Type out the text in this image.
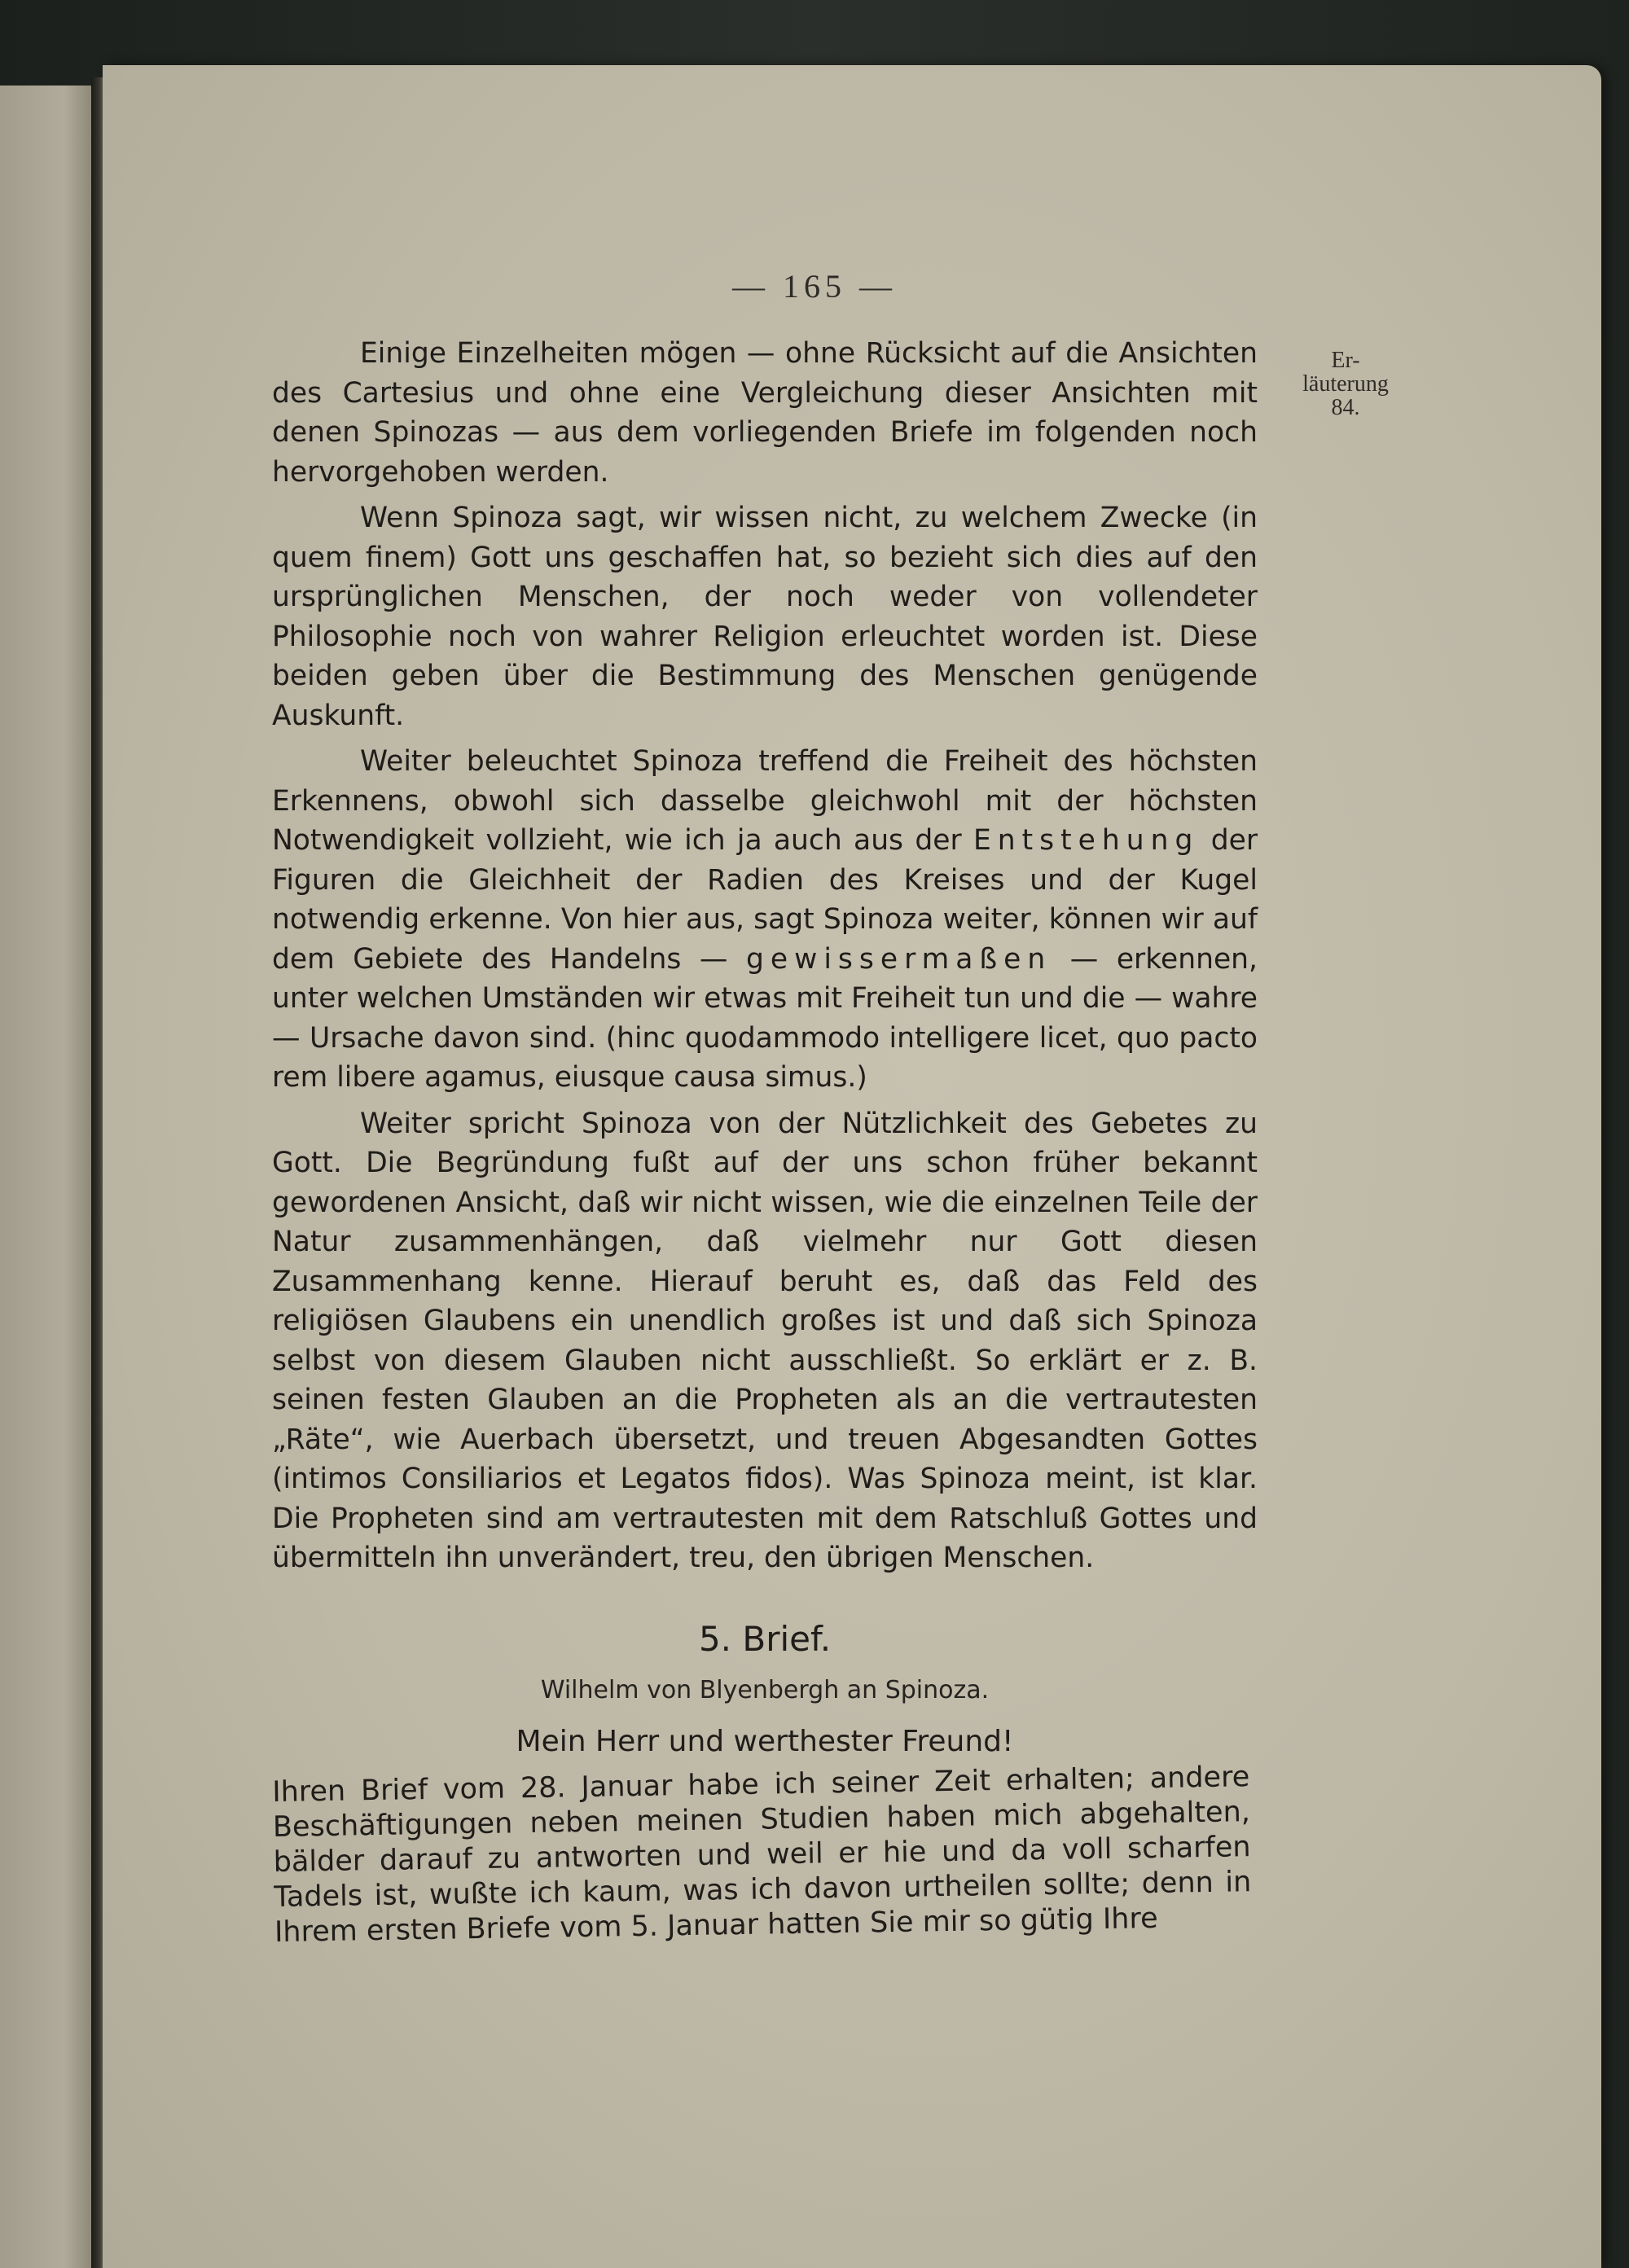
— 165 —
Er-
läuterung
84.

Einige Einzelheiten mögen — ohne Rücksicht auf die Ansichten des Cartesius und ohne eine Vergleichung dieser Ansichten mit denen Spinozas — aus dem vorliegenden Briefe im folgenden noch hervorgehoben werden.

Wenn Spinoza sagt, wir wissen nicht, zu welchem Zwecke (in quem finem) Gott uns geschaffen hat, so bezieht sich dies auf den ursprünglichen Menschen, der noch weder von vollendeter Philosophie noch von wahrer Religion erleuchtet worden ist. Diese beiden geben über die Bestimmung des Menschen genügende Auskunft.

Weiter beleuchtet Spinoza treffend die Freiheit des höchsten Erkennens, obwohl sich dasselbe gleichwohl mit der höchsten Notwendigkeit vollzieht, wie ich ja auch aus der Entstehung der Figuren die Gleichheit der Radien des Kreises und der Kugel notwendig erkenne. Von hier aus, sagt Spinoza weiter, können wir auf dem Gebiete des Handelns — gewissermaßen — erkennen, unter welchen Umständen wir etwas mit Freiheit tun und die — wahre — Ursache davon sind. (hinc quodammodo intelligere licet, quo pacto rem libere agamus, eiusque causa simus.)

Weiter spricht Spinoza von der Nützlichkeit des Gebetes zu Gott. Die Begründung fußt auf der uns schon früher bekannt gewordenen Ansicht, daß wir nicht wissen, wie die einzelnen Teile der Natur zusammenhängen, daß vielmehr nur Gott diesen Zusammenhang kenne. Hierauf beruht es, daß das Feld des religiösen Glaubens ein unendlich großes ist und daß sich Spinoza selbst von diesem Glauben nicht ausschließt. So erklärt er z. B. seinen festen Glauben an die Propheten als an die vertrautesten „Räte“, wie Auerbach übersetzt, und treuen Abgesandten Gottes (intimos Consiliarios et Legatos fidos). Was Spinoza meint, ist klar. Die Propheten sind am vertrautesten mit dem Ratschluß Gottes und übermitteln ihn unverändert, treu, den übrigen Menschen.

5. Brief.
Wilhelm von Blyenbergh an Spinoza.
Mein Herr und werthester Freund!

Ihren Brief vom 28. Januar habe ich seiner Zeit erhalten; andere Beschäftigungen neben meinen Studien haben mich abgehalten, bälder darauf zu antworten und weil er hie und da voll scharfen Tadels ist, wußte ich kaum, was ich davon urtheilen sollte; denn in Ihrem ersten Briefe vom 5. Januar hatten Sie mir so gütig Ihre
